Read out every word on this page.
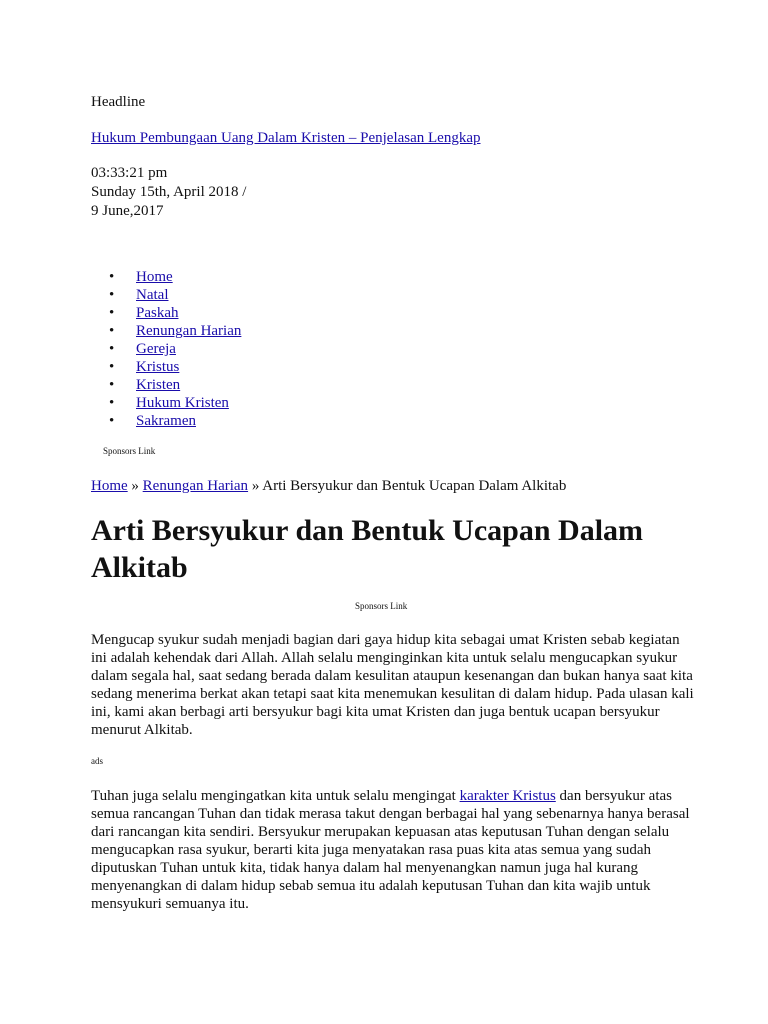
Headline
Hukum Pembungaan Uang Dalam Kristen – Penjelasan Lengkap
03:33:21 pm
Sunday 15th, April 2018 /
9 June,2017
• Home
• Natal
• Paskah
• Renungan Harian
• Gereja
• Kristus
• Kristen
• Hukum Kristen
• Sakramen
Sponsors Link
Home » Renungan Harian » Arti Bersyukur dan Bentuk Ucapan Dalam Alkitab
Arti Bersyukur dan Bentuk Ucapan Dalam Alkitab
Sponsors Link

Mengucap syukur sudah menjadi bagian dari gaya hidup kita sebagai umat Kristen sebab kegiatan ini adalah kehendak dari Allah. Allah selalu menginginkan kita untuk selalu mengucapkan syukur dalam segala hal, saat sedang berada dalam kesulitan ataupun kesenangan dan bukan hanya saat kita sedang menerima berkat akan tetapi saat kita menemukan kesulitan di dalam hidup. Pada ulasan kali ini, kami akan berbagi arti bersyukur bagi kita umat Kristen dan juga bentuk ucapan bersyukur menurut Alkitab.

ads

Tuhan juga selalu mengingatkan kita untuk selalu mengingat karakter Kristus dan bersyukur atas semua rancangan Tuhan dan tidak merasa takut dengan berbagai hal yang sebenarnya hanya berasal dari rancangan kita sendiri. Bersyukur merupakan kepuasan atas keputusan Tuhan dengan selalu mengucapkan rasa syukur, berarti kita juga menyatakan rasa puas kita atas semua yang sudah diputuskan Tuhan untuk kita, tidak hanya dalam hal menyenangkan namun juga hal kurang menyenangkan di dalam hidup sebab semua itu adalah keputusan Tuhan dan kita wajib untuk mensyukuri semuanya itu.
